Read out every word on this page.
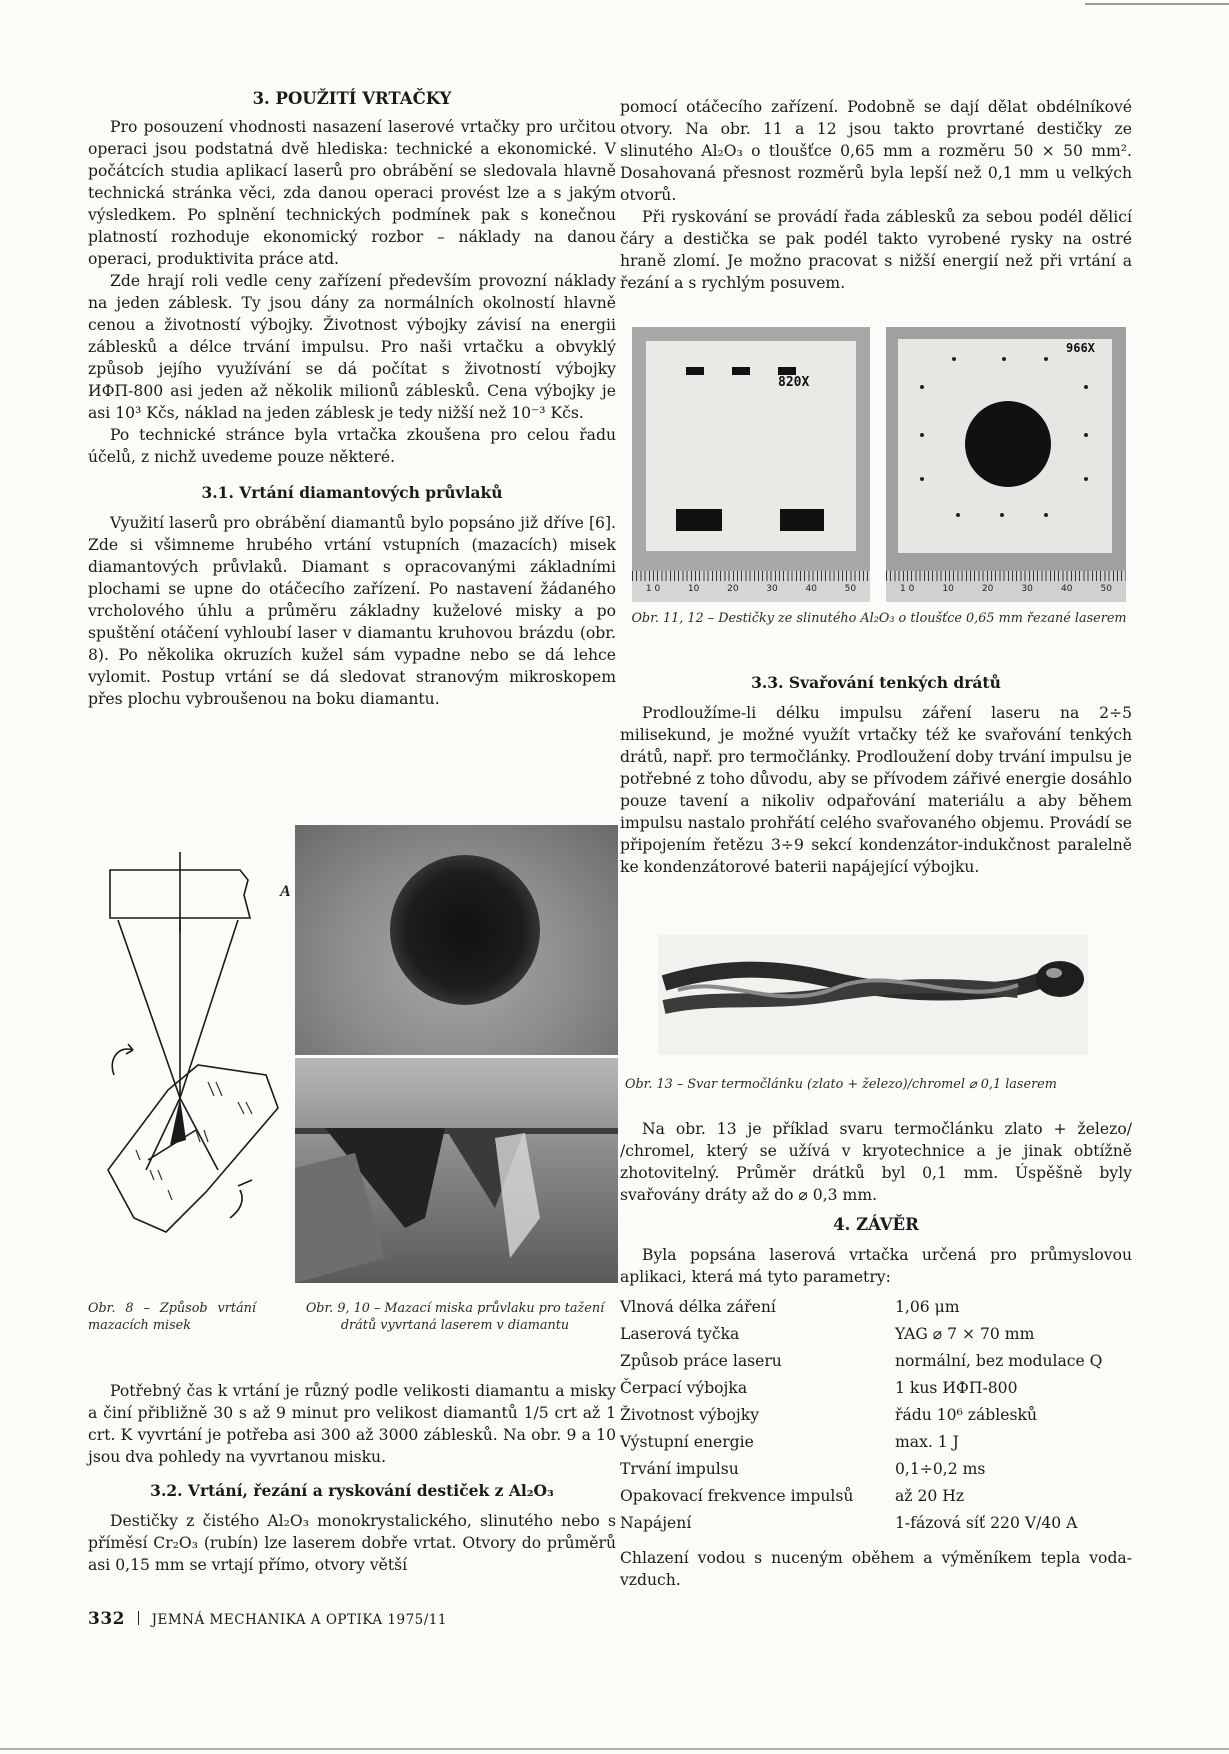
3. POUŽITÍ VRTAČKY

Pro posouzení vhodnosti nasazení laserové vrtačky pro určitou operaci jsou podstatná dvě hlediska: technické a ekonomické. V počátcích studia aplikací laserů pro obrábění se sledovala hlavně technická stránka věci, zda danou operaci provést lze a s jakým výsledkem. Po splnění technických podmínek pak s konečnou platností rozhoduje ekonomický rozbor – náklady na danou operaci, produktivita práce atd.

Zde hrají roli vedle ceny zařízení především provozní náklady na jeden záblesk. Ty jsou dány za normálních okolností hlavně cenou a životností výbojky. Životnost výbojky závisí na energii záblesků a délce trvání impulsu. Pro naši vrtačku a obvyklý způsob jejího využívání se dá počítat s životností výbojky ИФП-800 asi jeden až několik milionů záblesků. Cena výbojky je asi 10³ Kčs, náklad na jeden záblesk je tedy nižší než 10⁻³ Kčs.

Po technické stránce byla vrtačka zkoušena pro celou řadu účelů, z nichž uvedeme pouze některé.

3.1. Vrtání diamantových průvlaků

Využití laserů pro obrábění diamantů bylo popsáno již dříve [6]. Zde si všimneme hrubého vrtání vstupních (mazacích) misek diamantových průvlaků. Diamant s opracovanými základními plochami se upne do otáčecího zařízení. Po nastavení žádaného vrcholového úhlu a průměru základny kuželové misky a po spuštění otáčení vyhloubí laser v diamantu kruhovou brázdu (obr. 8). Po několika okruzích kužel sám vypadne nebo se dá lehce vylomit. Postup vrtání se dá sledovat stranovým mikroskopem přes plochu vybroušenou na boku diamantu.

A
Obr. 8 – Způsob vrtání mazacích misek
Obr. 9, 10 – Mazací miska průvlaku pro tažení drátů vyvrtaná laserem v diamantu

Potřebný čas k vrtání je různý podle velikosti diamantu a misky a činí přibližně 30 s až 9 minut pro velikost diamantů 1/5 crt až 1 crt. K vyvrtání je potřeba asi 300 až 3000 záblesků. Na obr. 9 a 10 jsou dva pohledy na vyvrtanou misku.

3.2. Vrtání, řezání a ryskování destiček z Al₂O₃

Destičky z čistého Al₂O₃ monokrystalického, slinutého nebo s příměsí Cr₂O₃ (rubín) lze laserem dobře vrtat. Otvory do průměrů asi 0,15 mm se vrtají přímo, otvory větší

pomocí otáčecího zařízení. Podobně se dají dělat obdélníkové otvory. Na obr. 11 a 12 jsou takto provrtané destičky ze slinutého Al₂O₃ o tloušťce 0,65 mm a rozměru 50 × 50 mm². Dosahovaná přesnost rozměrů byla lepší než 0,1 mm u velkých otvorů.

Při ryskování se provádí řada záblesků za sebou podél dělicí čáry a destička se pak podél takto vyrobené rysky na ostré hraně zlomí. Je možno pracovat s nižší energií než při vrtání a řezání a s rychlým posuvem.

820X
1 0	10	20	30	40	50
966X
1 0	10	20	30	40	50
Obr. 11, 12 – Destičky ze slinutého Al₂O₃ o tloušťce 0,65 mm řezané laserem
3.3. Svařování tenkých drátů

Prodloužíme-li délku impulsu záření laseru na 2÷5 milisekund, je možné využít vrtačky též ke svařování tenkých drátů, např. pro termočlánky. Prodloužení doby trvání impulsu je potřebné z toho důvodu, aby se přívodem zářivé energie dosáhlo pouze tavení a nikoliv odpařování materiálu a aby během impulsu nastalo prohřátí celého svařovaného objemu. Provádí se připojením řetězu 3÷9 sekcí kondenzátor-indukčnost paralelně ke kondenzátorové baterii napájející výbojku.

Obr. 13 – Svar termočlánku (zlato + železo)/chromel ⌀ 0,1 laserem

Na obr. 13 je příklad svaru termočlánku zlato + železo/ /chromel, který se užívá v kryotechnice a je jinak obtížně zhotovitelný. Průměr drátků byl 0,1 mm. Úspěšně byly svařovány dráty až do ⌀ 0,3 mm.

4. ZÁVĚR

Byla popsána laserová vrtačka určená pro průmyslovou aplikaci, která má tyto parametry:

Vlnová délka záření	1,06 μm
Laserová tyčka	YAG ⌀ 7 × 70 mm
Způsob práce laseru	normální, bez modulace Q
Čerpací výbojka	1 kus ИФП-800
Životnost výbojky	řádu 10⁶ záblesků
Výstupní energie	max. 1 J
Trvání impulsu	0,1÷0,2 ms
Opakovací frekvence impulsů	až 20 Hz
Napájení	1-fázová síť 220 V/40 A

Chlazení vodou s nuceným oběhem a výměníkem tepla voda-vzduch.

332 JEMNÁ MECHANIKA A OPTIKA 1975/11
